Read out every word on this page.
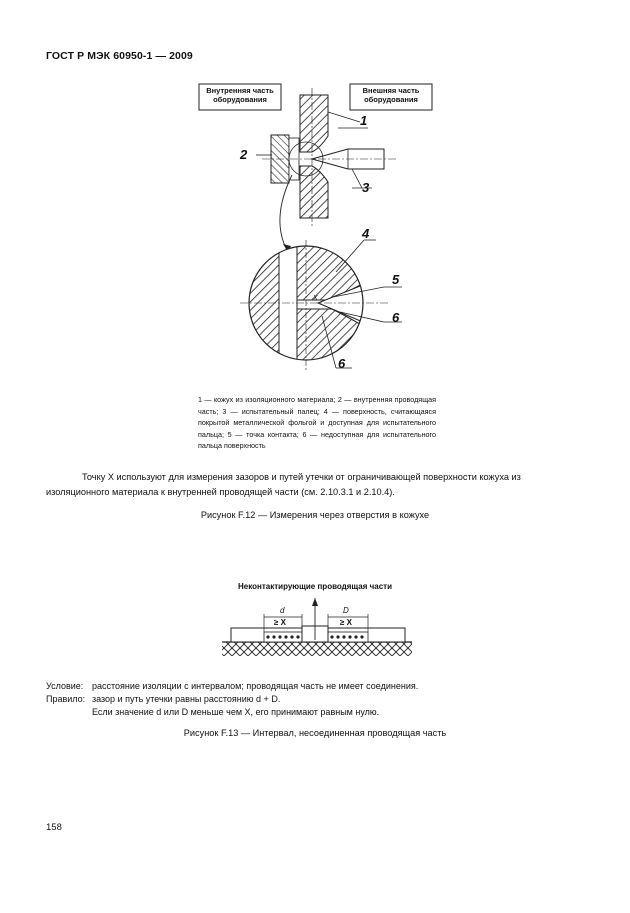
ГОСТ Р МЭК 60950-1 — 2009
Внутренняя часть оборудования
Внешняя часть оборудования
1
2
3
4
5
6
6
X
1 — кожух из изоляционного материала; 2 — внутренняя проводящая часть; 3 — испытательный палец; 4 — поверхность, считающаяся покрытой металлической фольгой и доступная для испытательного пальца; 5 — точка контакта; 6 — недоступная для испытательного пальца поверхность
Точку X используют для измерения зазоров и путей утечки от ограничивающей поверхности кожуха из изоляционного материала к внутренней проводящей части (см. 2.10.3.1 и 2.10.4).
Рисунок F.12 — Измерения через отверстия в кожухе
Неконтактирующие проводящая части
d	D
≥ X	≥ X
Условие: расстояние изоляции с интервалом; проводящая часть не имеет соединения.
Правило: зазор и путь утечки равны расстоянию d + D.
Если значение d или D меньше чем X, его принимают равным нулю.
Рисунок F.13 — Интервал, несоединенная проводящая часть
158
